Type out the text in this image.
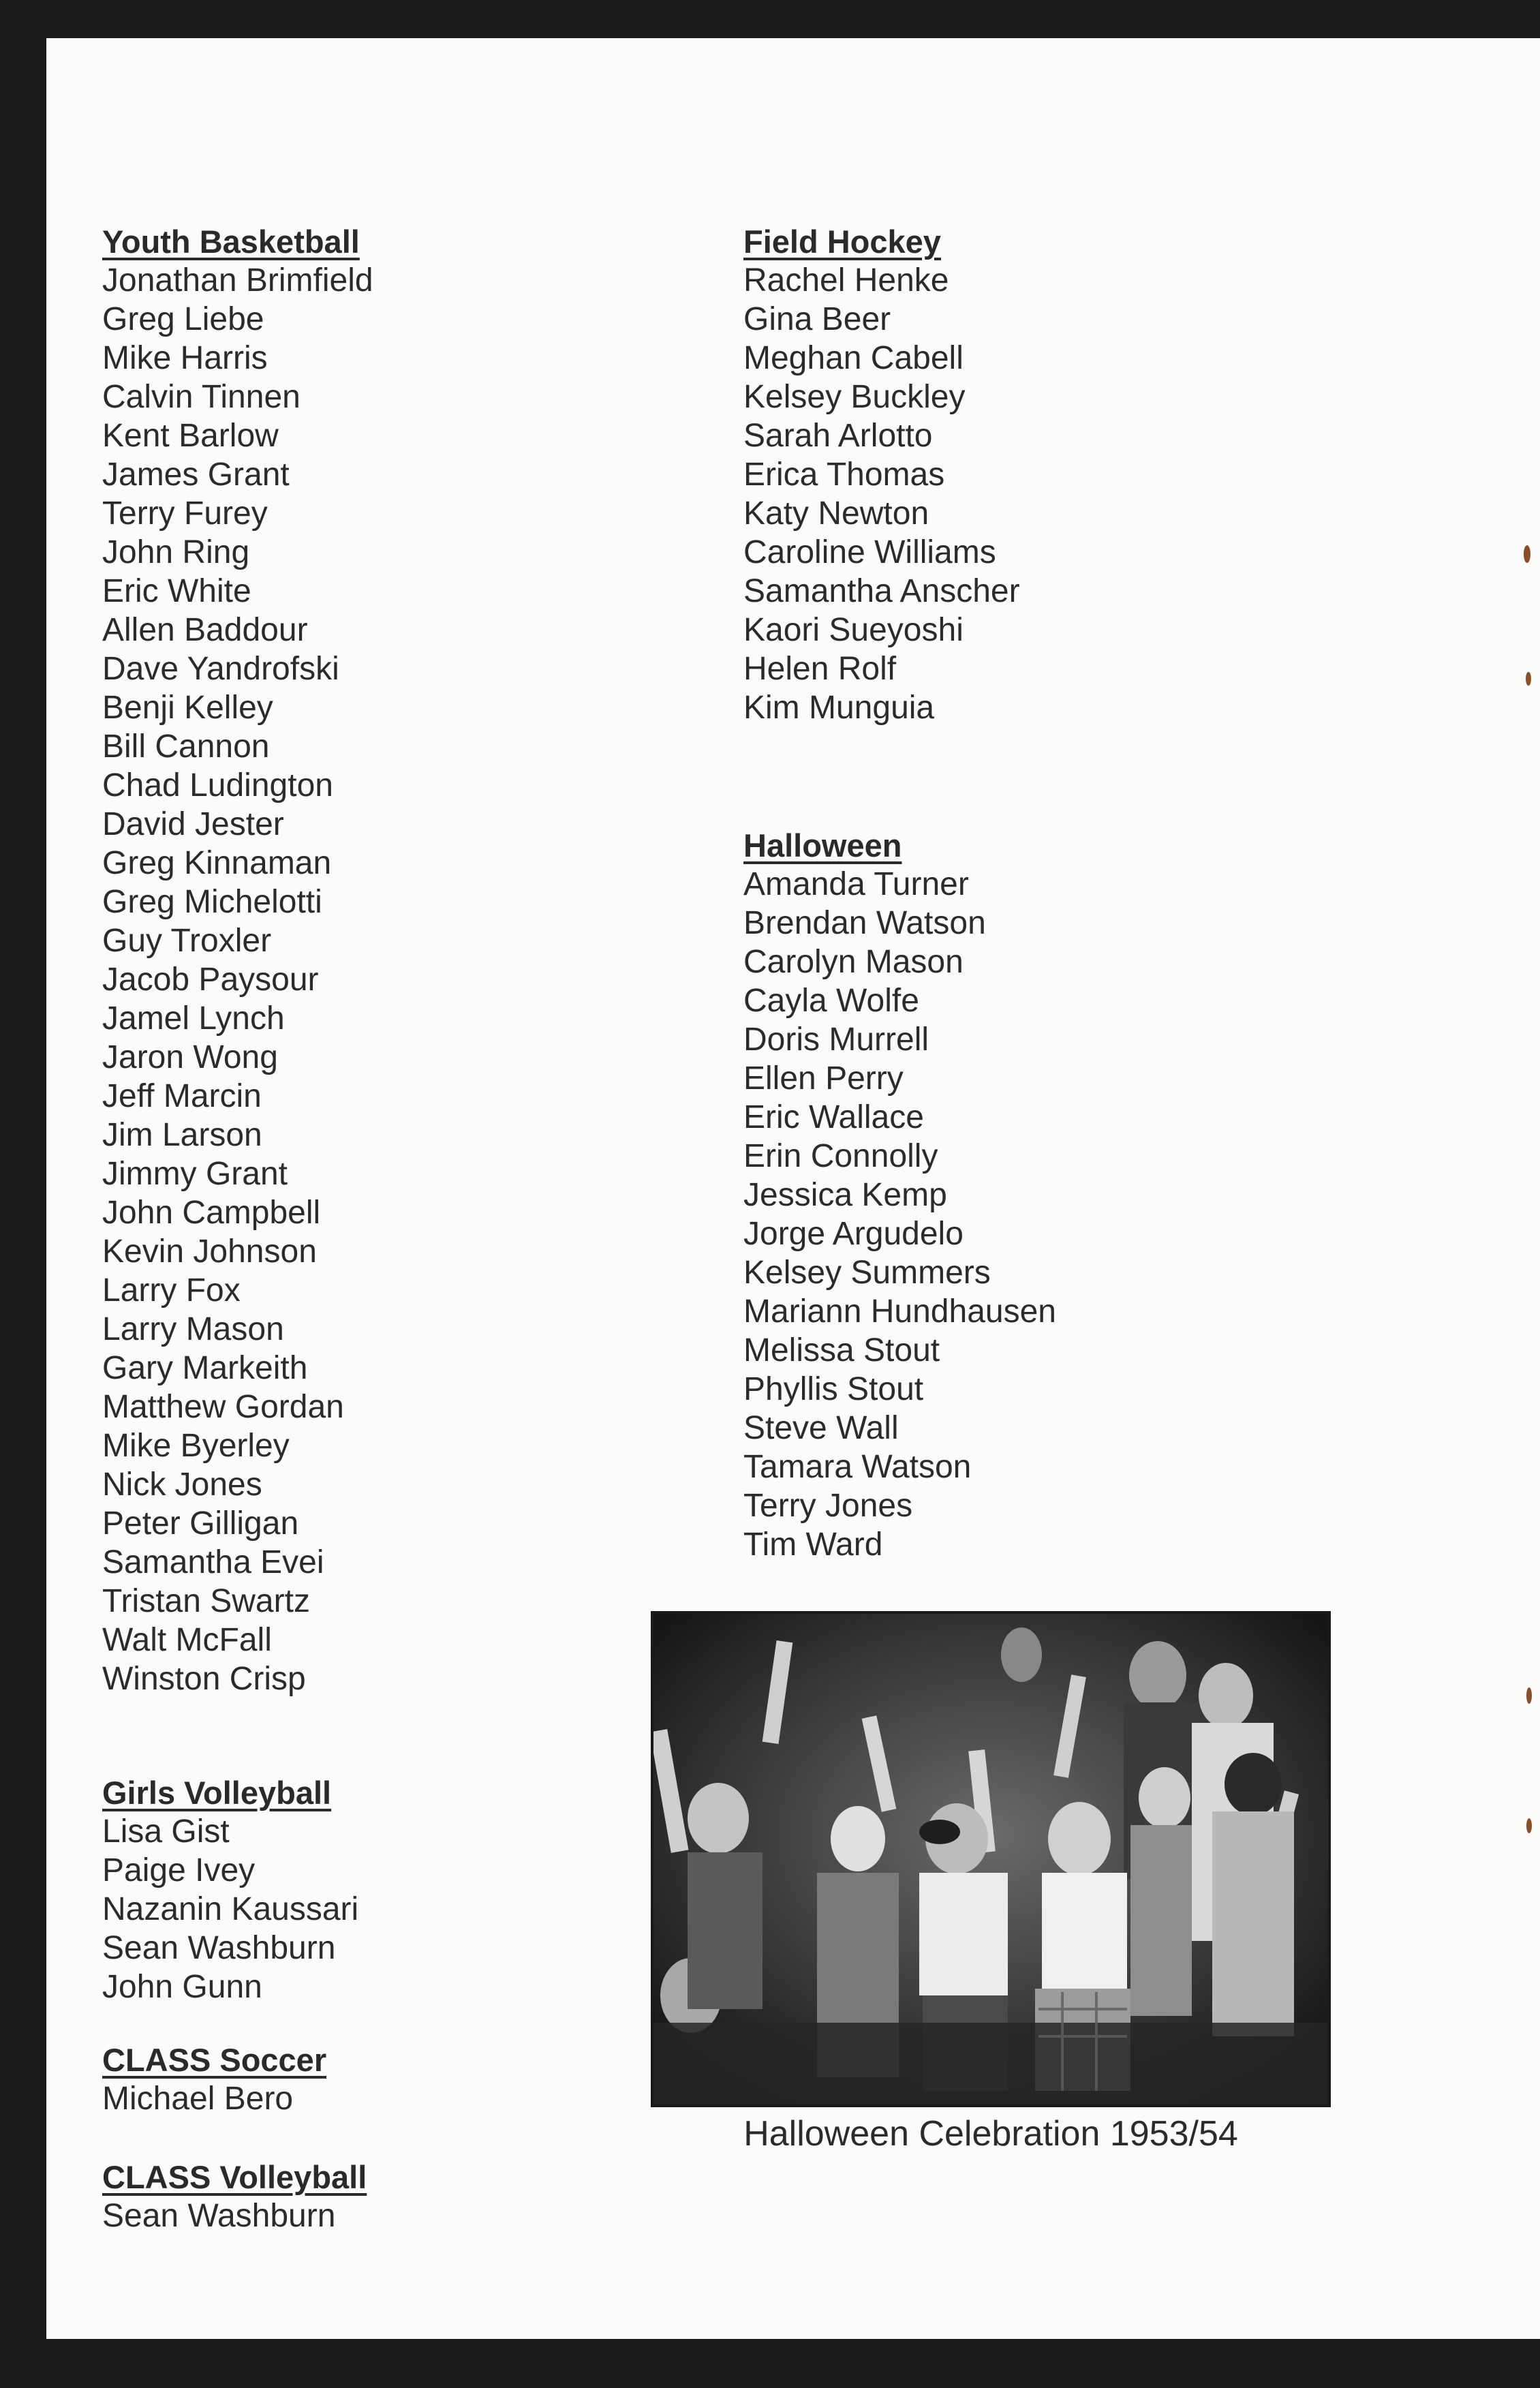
Youth Basketball
Jonathan Brimfield
Greg Liebe
Mike Harris
Calvin Tinnen
Kent Barlow
James Grant
Terry Furey
John Ring
Eric White
Allen Baddour
Dave Yandrofski
Benji Kelley
Bill Cannon
Chad Ludington
David Jester
Greg Kinnaman
Greg Michelotti
Guy Troxler
Jacob Paysour
Jamel Lynch
Jaron Wong
Jeff Marcin
Jim Larson
Jimmy Grant
John Campbell
Kevin Johnson
Larry Fox
Larry Mason
Gary Markeith
Matthew Gordan
Mike Byerley
Nick Jones
Peter Gilligan
Samantha Evei
Tristan Swartz
Walt McFall
Winston Crisp
Girls Volleyball
Lisa Gist
Paige Ivey
Nazanin Kaussari
Sean Washburn
John Gunn
CLASS Soccer
Michael Bero
CLASS Volleyball
Sean Washburn
Field Hockey
Rachel Henke
Gina Beer
Meghan Cabell
Kelsey Buckley
Sarah Arlotto
Erica Thomas
Katy Newton
Caroline Williams
Samantha Anscher
Kaori Sueyoshi
Helen Rolf
Kim Munguia
Halloween
Amanda Turner
Brendan Watson
Carolyn Mason
Cayla Wolfe
Doris Murrell
Ellen Perry
Eric Wallace
Erin Connolly
Jessica Kemp
Jorge Argudelo
Kelsey Summers
Mariann Hundhausen
Melissa Stout
Phyllis Stout
Steve Wall
Tamara Watson
Terry Jones
Tim Ward
Halloween Celebration 1953/54
